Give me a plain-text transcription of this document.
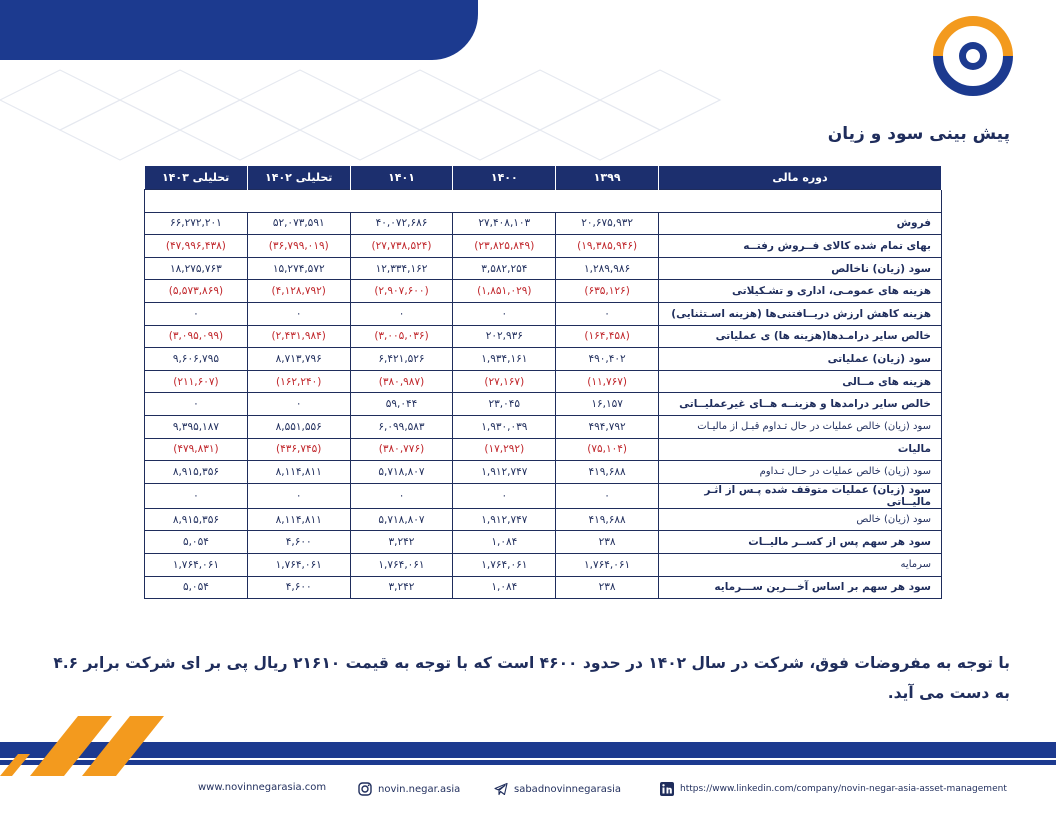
پیش بینی سود و زیان
دوره مالی	۱۳۹۹	۱۴۰۰	۱۴۰۱	تحلیلی ۱۴۰۲	تحلیلی ۱۴۰۳

فروش	۲۰,۶۷۵,۹۳۲	۲۷,۴۰۸,۱۰۳	۴۰,۰۷۲,۶۸۶	۵۲,۰۷۳,۵۹۱	۶۶,۲۷۲,۲۰۱
بهای تمام شده کالای فــروش رفتــه	(۱۹,۳۸۵,۹۴۶)	(۲۳,۸۲۵,۸۴۹)	(۲۷,۷۳۸,۵۲۴)	(۳۶,۷۹۹,۰۱۹)	(۴۷,۹۹۶,۴۳۸)
سود (زیان) ناخالص	۱,۲۸۹,۹۸۶	۳,۵۸۲,۲۵۴	۱۲,۳۳۴,۱۶۲	۱۵,۲۷۴,۵۷۲	۱۸,۲۷۵,۷۶۳
هزینه های عمومـی، اداری و تشـکیلاتی	(۶۳۵,۱۲۶)	(۱,۸۵۱,۰۲۹)	(۲,۹۰۷,۶۰۰)	(۴,۱۲۸,۷۹۲)	(۵,۵۷۳,۸۶۹)
هزینه کاهش ارزش دریــافتنی‌ها (هزینه اسـتثنایی)	۰	۰	۰	۰	۰
خالص سایر درامـدها(هزینه ها) ی عملیاتی	(۱۶۴,۴۵۸)	۲۰۲,۹۳۶	(۳,۰۰۵,۰۳۶)	(۲,۴۳۱,۹۸۴)	(۳,۰۹۵,۰۹۹)
سود (زیان) عملیاتی	۴۹۰,۴۰۲	۱,۹۳۴,۱۶۱	۶,۴۲۱,۵۲۶	۸,۷۱۳,۷۹۶	۹,۶۰۶,۷۹۵
هزینه های مــالی	(۱۱,۷۶۷)	(۲۷,۱۶۷)	(۳۸۰,۹۸۷)	(۱۶۲,۲۴۰)	(۲۱۱,۶۰۷)
خالص سایر درامدها و هزینــه هــای غیرعملیــاتی	۱۶,۱۵۷	۲۳,۰۴۵	۵۹,۰۴۴	۰	۰
سود (زیان) خالص عملیات در حال تـداوم قبـل از مالیـات	۴۹۴,۷۹۲	۱,۹۳۰,۰۳۹	۶,۰۹۹,۵۸۳	۸,۵۵۱,۵۵۶	۹,۳۹۵,۱۸۷
مالیات	(۷۵,۱۰۴)	(۱۷,۲۹۲)	(۳۸۰,۷۷۶)	(۴۳۶,۷۴۵)	(۴۷۹,۸۳۱)
سود (زیان) خالص عملیات در حـال تـداوم	۴۱۹,۶۸۸	۱,۹۱۲,۷۴۷	۵,۷۱۸,۸۰۷	۸,۱۱۴,۸۱۱	۸,۹۱۵,۳۵۶
سود (زیان) عملیات متوقف شده پـس از اثـر مالیــاتی	۰	۰	۰	۰	۰
سود (زیان) خالص	۴۱۹,۶۸۸	۱,۹۱۲,۷۴۷	۵,۷۱۸,۸۰۷	۸,۱۱۴,۸۱۱	۸,۹۱۵,۳۵۶
سود هر سهم پس از کســر مالیــات	۲۳۸	۱,۰۸۴	۳,۲۴۲	۴,۶۰۰	۵,۰۵۴
سرمایه	۱,۷۶۴,۰۶۱	۱,۷۶۴,۰۶۱	۱,۷۶۴,۰۶۱	۱,۷۶۴,۰۶۱	۱,۷۶۴,۰۶۱
سود هر سهم بر اساس آخـــرین ســـرمایه	۲۳۸	۱,۰۸۴	۳,۲۴۲	۴,۶۰۰	۵,۰۵۴
با توجه به مفروضات فوق، شرکت در سال ۱۴۰۲ در حدود ۴۶۰۰ است که با توجه به قیمت ۲۱۶۱۰ ریال پی بر ای شرکت برابر ۴.۶ به دست می آید.
www.novinnegarasia.com	novin.negar.asia	sabadnovinnegarasia	https://www.linkedin.com/company/novin-negar-asia-asset-management
